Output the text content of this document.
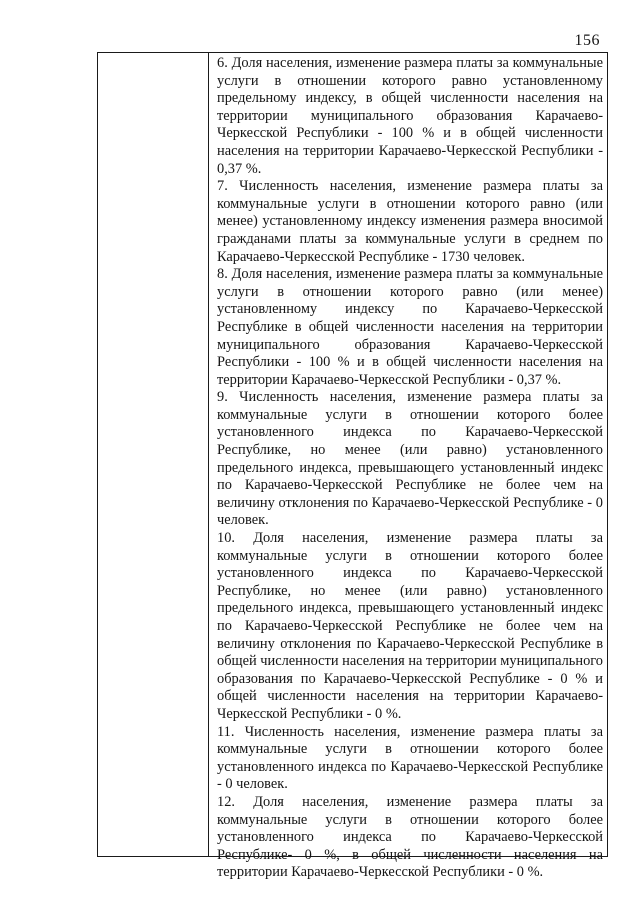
156

6. Доля населения, изменение размера платы за коммунальные услуги в отношении которого равно установленному предельному индексу, в общей численности населения на территории муниципального образования Карачаево-Черкесской Республики - 100 % и в общей численности населения на территории Карачаево-Черкесской Республики - 0,37 %.

7. Численность населения, изменение размера платы за коммунальные услуги в отношении которого равно (или менее) установленному индексу изменения размера вносимой гражданами платы за коммунальные услуги в среднем по Карачаево-Черкесской Республике - 1730 человек.

8. Доля населения, изменение размера платы за коммунальные услуги в отношении которого равно (или менее) установленному индексу по Карачаево-Черкесской Республике в общей численности населения на территории муниципального образования Карачаево-Черкесской Республики - 100 % и в общей численности населения на территории Карачаево-Черкесской Республики - 0,37 %.

9. Численность населения, изменение размера платы за коммунальные услуги в отношении которого более установленного индекса по Карачаево-Черкесской Республике, но менее (или равно) установленного предельного индекса, превышающего установленный индекс по Карачаево-Черкесской Республике не более чем на величину отклонения по Карачаево-Черкесской Республике - 0 человек.

10. Доля населения, изменение размера платы за коммунальные услуги в отношении которого более установленного индекса по Карачаево-Черкесской Республике, но менее (или равно) установленного предельного индекса, превышающего установленный индекс по Карачаево-Черкесской Республике не более чем на величину отклонения по Карачаево-Черкесской Республике в общей численности населения на территории муниципального образования по Карачаево-Черкесской Республике - 0 % и общей численности населения на территории Карачаево-Черкесской Республики - 0 %.

11. Численность населения, изменение размера платы за коммунальные услуги в отношении которого более установленного индекса по Карачаево-Черкесской Республике - 0 человек.

12. Доля населения, изменение размера платы за коммунальные услуги в отношении которого более установленного индекса по Карачаево-Черкесской Республике- 0 %, в общей численности населения на территории Карачаево-Черкесской Республики - 0 %.
